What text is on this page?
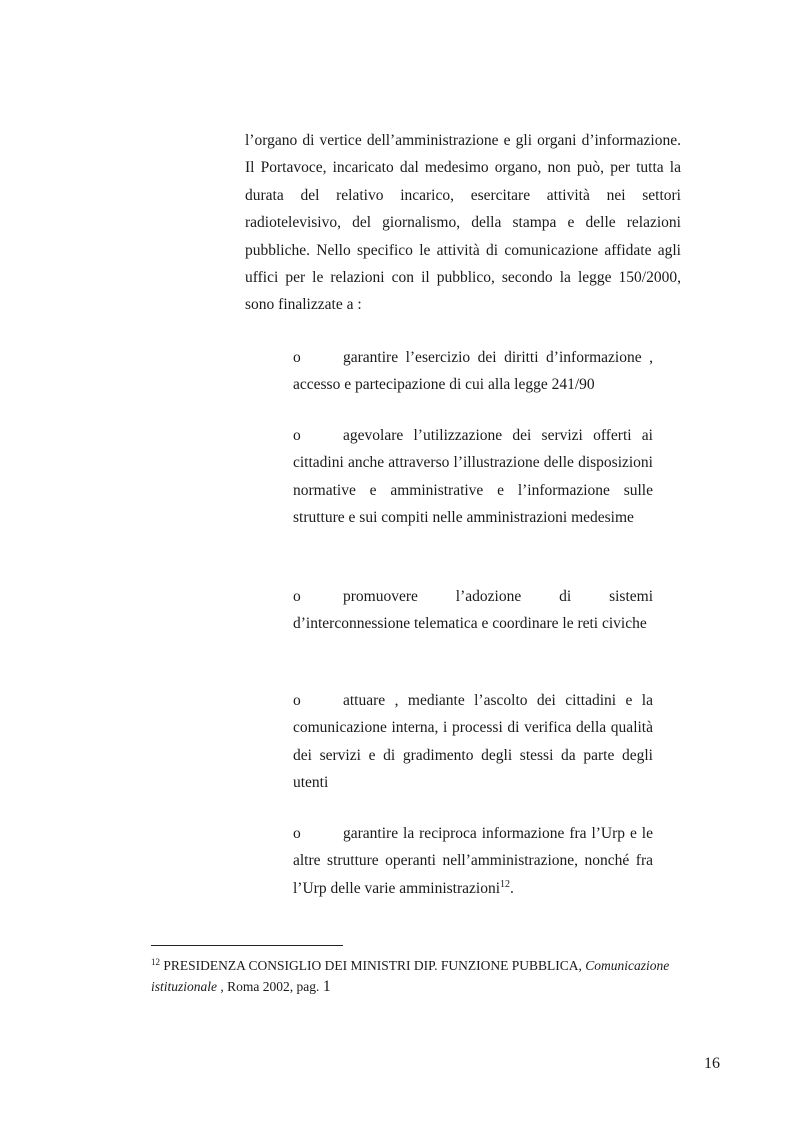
l’organo di vertice dell’amministrazione e gli organi d’informazione. Il Portavoce, incaricato dal medesimo organo, non può, per tutta la durata del relativo incarico, esercitare attività nei settori radiotelevisivo, del giornalismo, della stampa e delle relazioni pubbliche. Nello specifico le attività di comunicazione affidate agli uffici per le relazioni con il pubblico, secondo la legge 150/2000, sono finalizzate a :

o	garantire l’esercizio dei diritti d’informazione , accesso e partecipazione di cui alla legge 241/90
o	agevolare l’utilizzazione dei servizi offerti ai cittadini anche attraverso l’illustrazione delle disposizioni normative e amministrative e l’informazione sulle strutture e sui compiti nelle amministrazioni medesime
o	promuovere l’adozione di sistemi d’interconnessione telematica e coordinare le reti civiche
o	attuare , mediante l’ascolto dei cittadini e la comunicazione interna, i processi di verifica della qualità dei servizi e di gradimento degli stessi da parte degli utenti
o	garantire la reciproca informazione fra l’Urp e le altre strutture operanti nell’amministrazione, nonché fra l’Urp delle varie amministrazioni$^{12}$.

$^{12}$ PRESIDENZA CONSIGLIO DEI MINISTRI DIP. FUNZIONE PUBBLICA, Comunicazione istituzionale , Roma 2002, pag. 1

16
